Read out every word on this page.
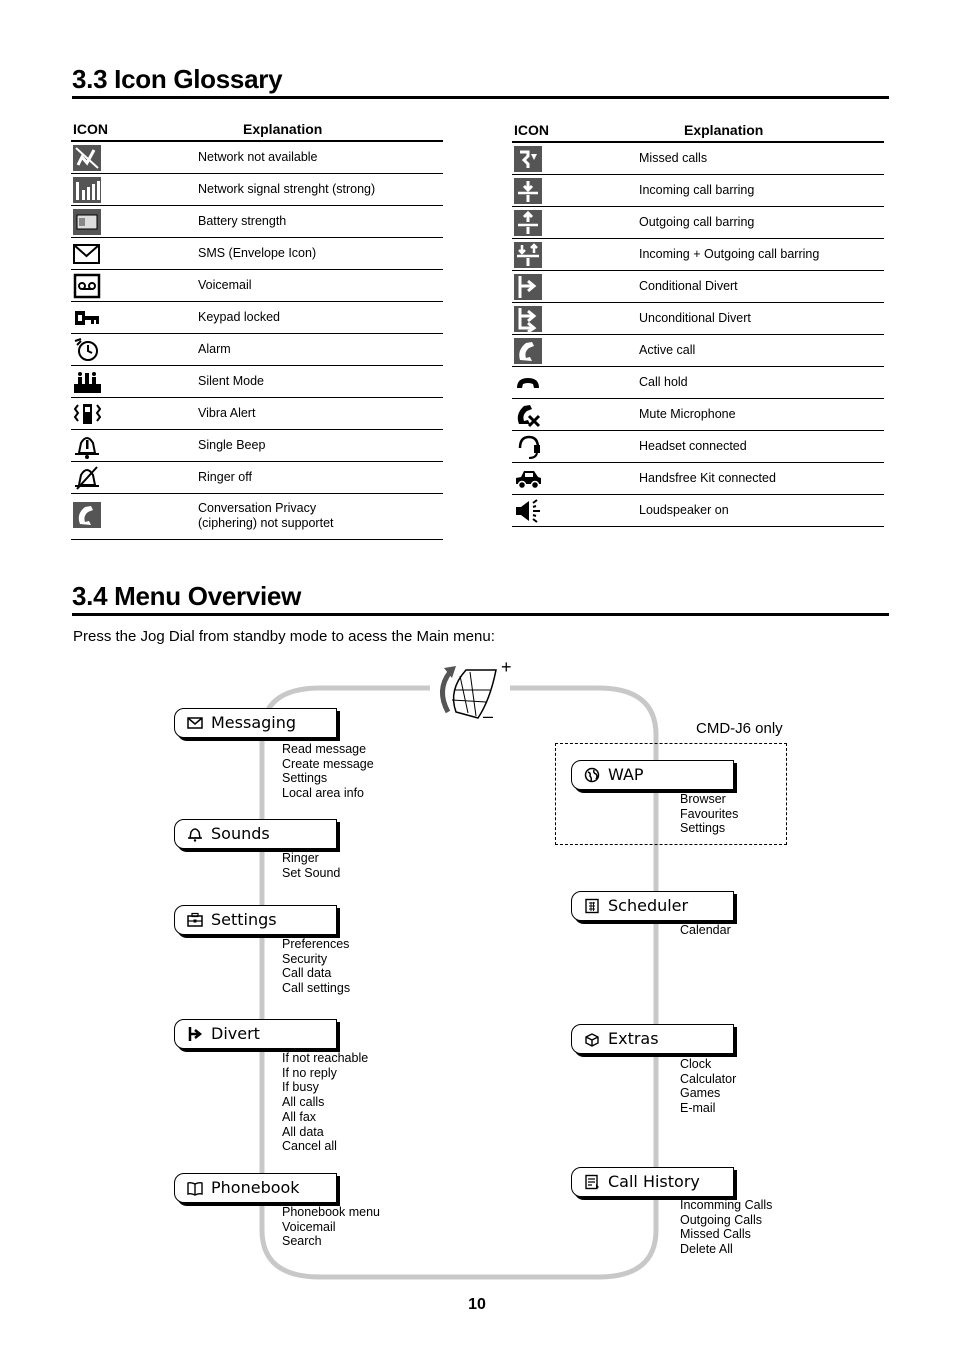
3.3 Icon Glossary
ICON	Explanation
Network not available
Network signal strenght (strong)
Battery strength
SMS (Envelope Icon)
Voicemail
Keypad locked
Alarm
Silent Mode
Vibra Alert
Single Beep
Ringer off
Conversation Privacy
(ciphering) not supportet
ICON	Explanation
Missed calls
Incoming call barring
Outgoing call barring
Incoming + Outgoing call barring
Conditional Divert
Unconditional Divert
Active call
Call hold
Mute Microphone
Headset connected
Handsfree Kit connected
Loudspeaker on
3.4 Menu Overview
Press the Jog Dial from standby mode to acess the Main menu:
+
–
CMD-J6 only
Messaging
Read message
Create message
Settings
Local area info
Sounds
Ringer
Set Sound
Settings
Preferences
Security
Call data
Call settings
Divert
If not reachable
If no reply
If busy
All calls
All fax
All data
Cancel all
Phonebook
Phonebook menu
Voicemail
Search
WAP
Browser
Favourites
Settings
Scheduler
Calendar
Extras
Clock
Calculator
Games
E-mail
Call History
Incomming Calls
Outgoing Calls
Missed Calls
Delete All
10
